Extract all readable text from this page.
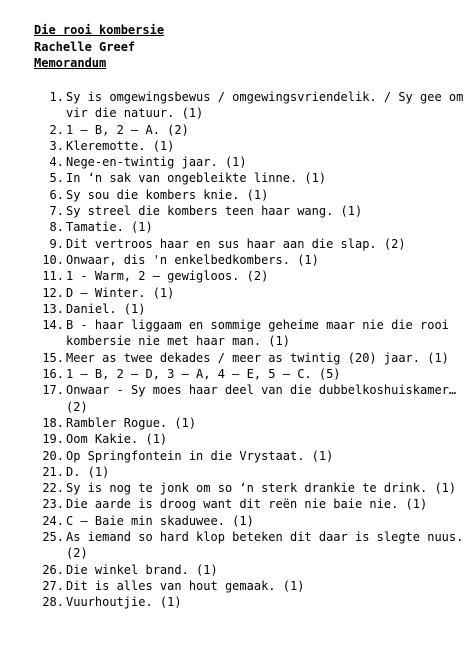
Die rooi kombersie
Rachelle Greef
Memorandum
1. Sy is omgewingsbewus / omgewingsvriendelik. / Sy gee om vir die natuur. (1)
2. 1 – B, 2 – A. (2)
3. Kleremotte. (1)
4. Nege-en-twintig jaar. (1)
5. In ‘n sak van ongebleikte linne. (1)
6. Sy sou die kombers knie. (1)
7. Sy streel die kombers teen haar wang. (1)
8. Tamatie. (1)
9. Dit vertroos haar en sus haar aan die slap. (2)
10. Onwaar, dis 'n enkelbedkombers. (1)
11. 1 - Warm, 2 – gewigloos. (2)
12. D – Winter. (1)
13. Daniel. (1)
14. B - haar liggaam en sommige geheime maar nie die rooi kombersie nie met haar man. (1)
15. Meer as twee dekades / meer as twintig (20) jaar. (1)
16. 1 – B, 2 – D, 3 – A, 4 – E, 5 – C. (5)
17. Onwaar - Sy moes haar deel van die dubbelkoshuiskamer… (2)
18. Rambler Rogue. (1)
19. Oom Kakie. (1)
20. Op Springfontein in die Vrystaat. (1)
21. D. (1)
22. Sy is nog te jonk om so ‘n sterk drankie te drink. (1)
23. Die aarde is droog want dit reën nie baie nie. (1)
24. C – Baie min skaduwee. (1)
25. As iemand so hard klop beteken dit daar is slegte nuus. (2)
26. Die winkel brand. (1)
27. Dit is alles van hout gemaak. (1)
28. Vuurhoutjie. (1)
